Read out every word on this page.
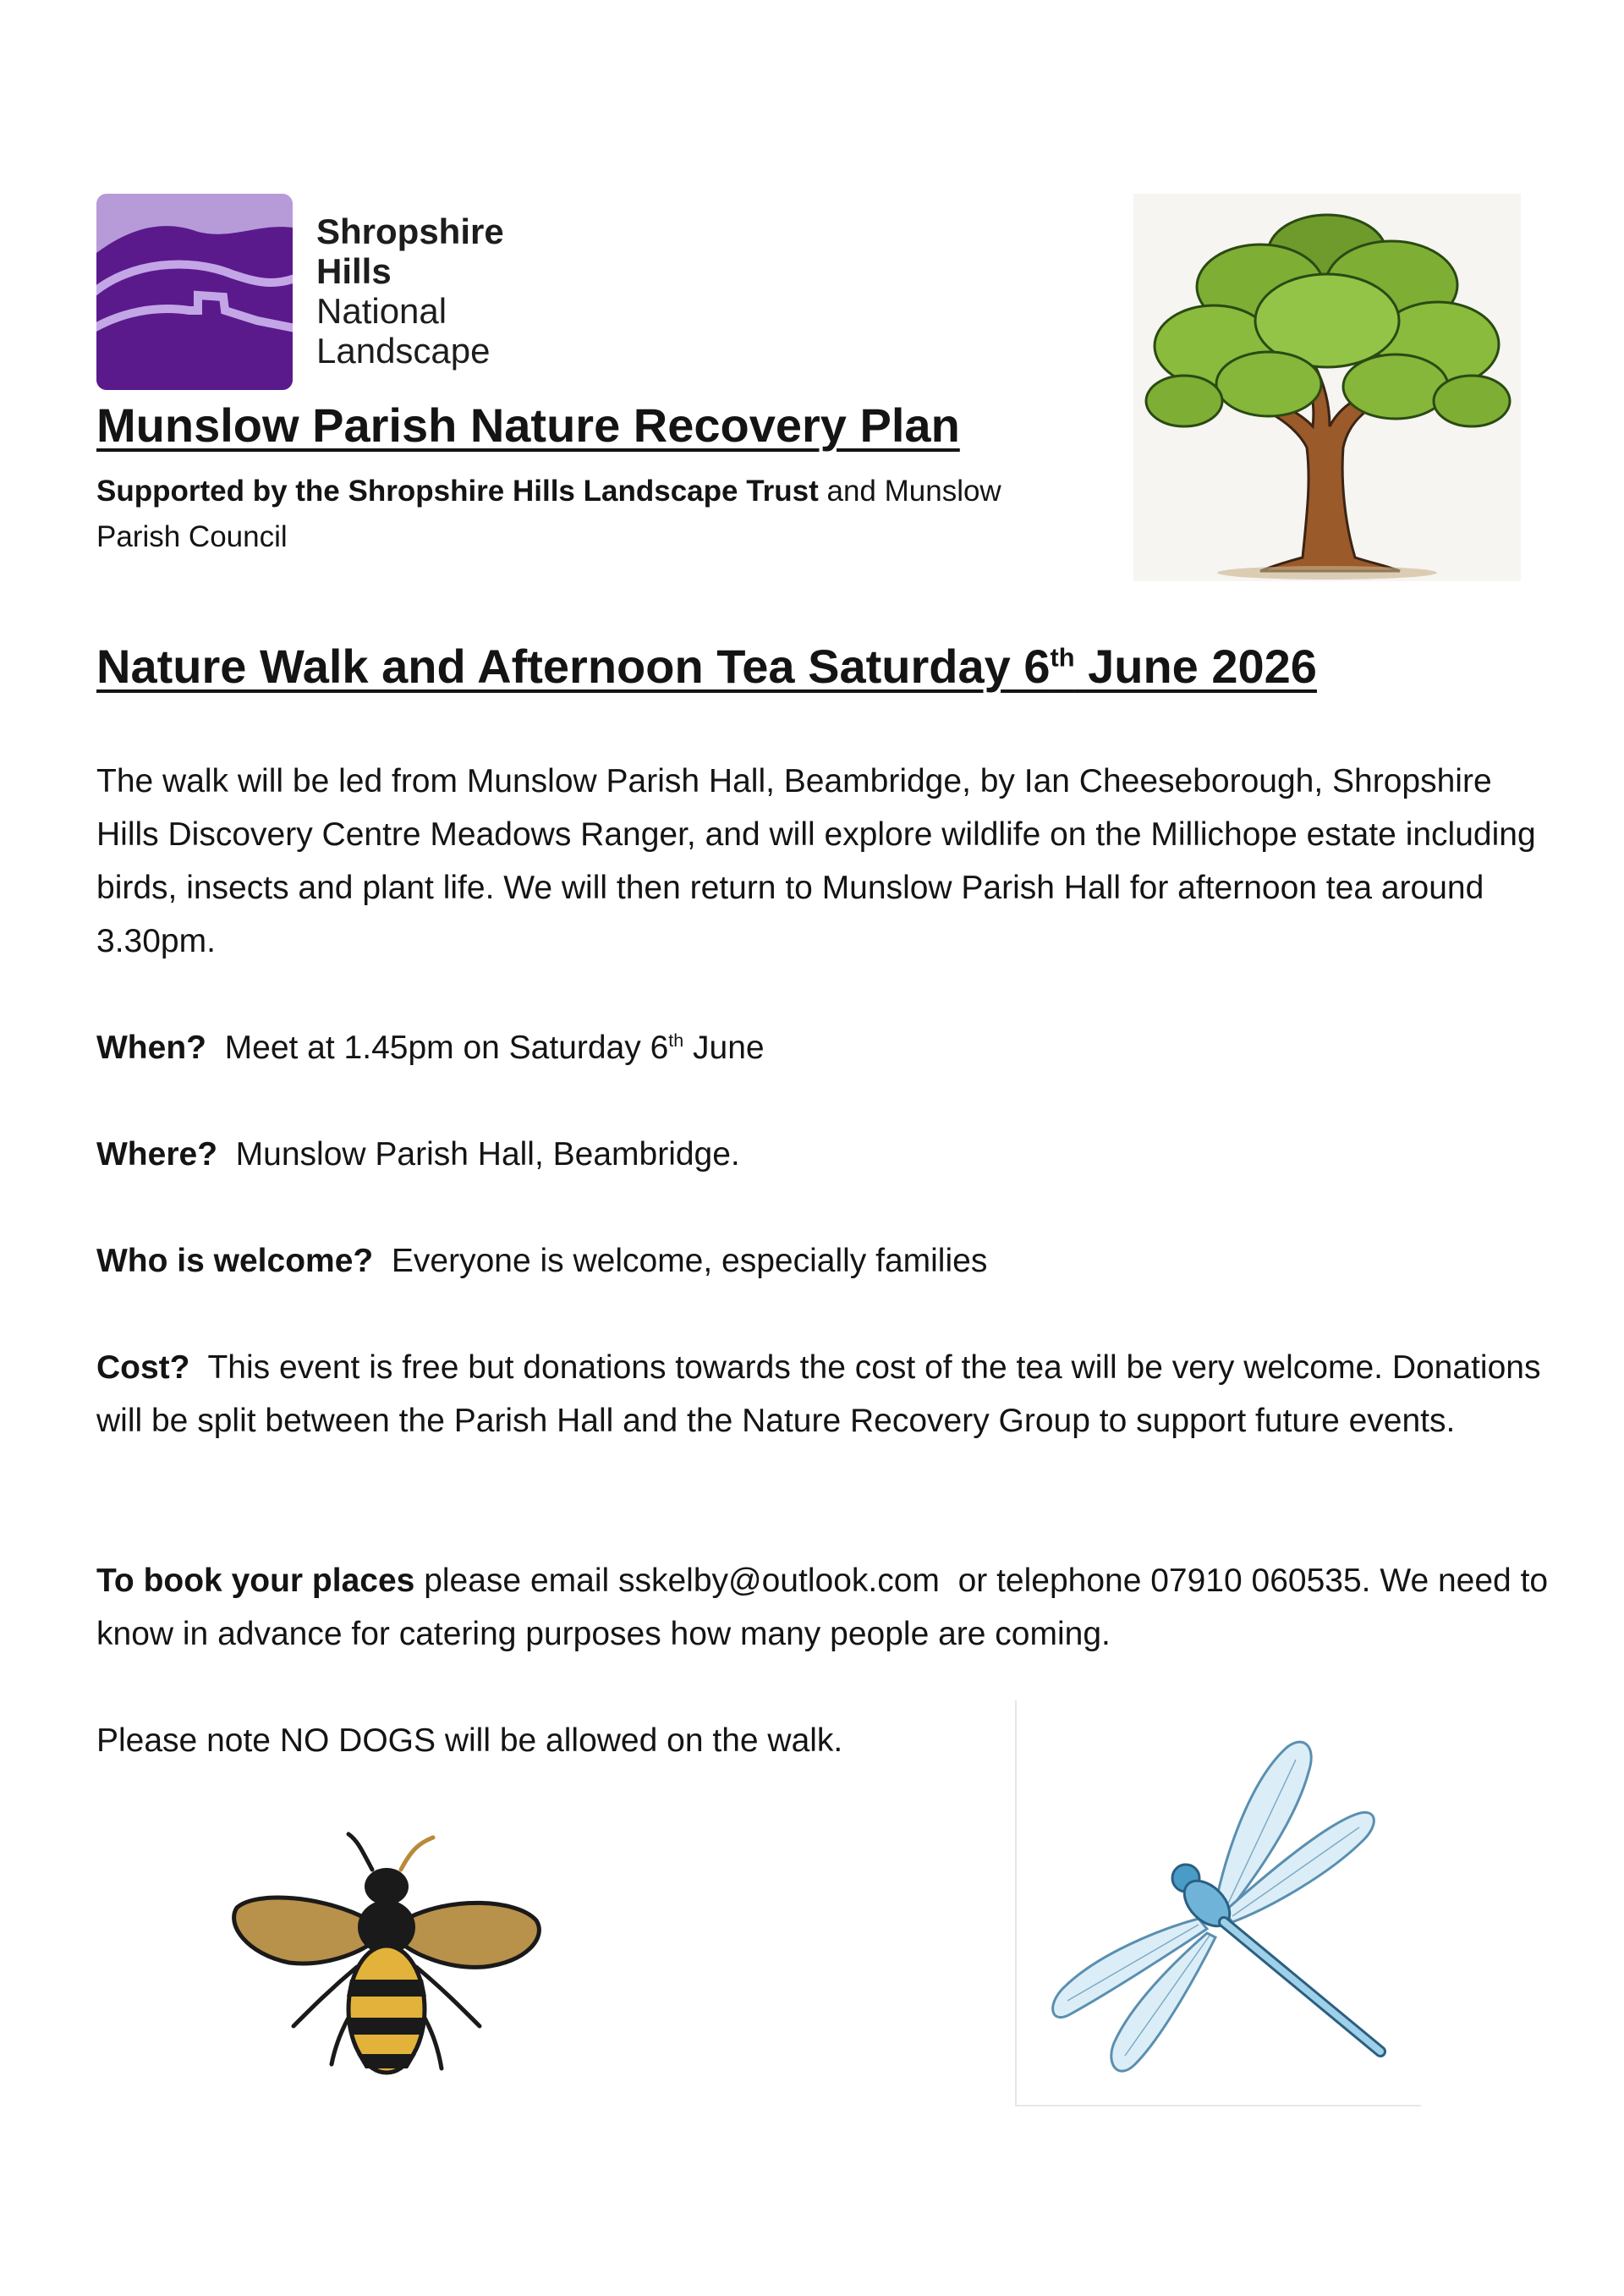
Shropshire
Hills
National
Landscape
Munslow Parish Nature Recovery Plan
Supported by the Shropshire Hills Landscape Trust and Munslow Parish Council
Nature Walk and Afternoon Tea Saturday 6th June 2026

The walk will be led from Munslow Parish Hall, Beambridge, by Ian Cheeseborough, Shropshire Hills Discovery Centre Meadows Ranger, and will explore wildlife on the Millichope estate including birds, insects and plant life. We will then return to Munslow Parish Hall for afternoon tea around 3.30pm.

When?  Meet at 1.45pm on Saturday 6th June

Where?  Munslow Parish Hall, Beambridge.

Who is welcome?  Everyone is welcome, especially families

Cost?  This event is free but donations towards the cost of the tea will be very welcome. Donations will be split between the Parish Hall and the Nature Recovery Group to support future events.

To book your places please email sskelby@outlook.com  or telephone 07910 060535. We need to know in advance for catering purposes how many people are coming.

Please note NO DOGS will be allowed on the walk.
